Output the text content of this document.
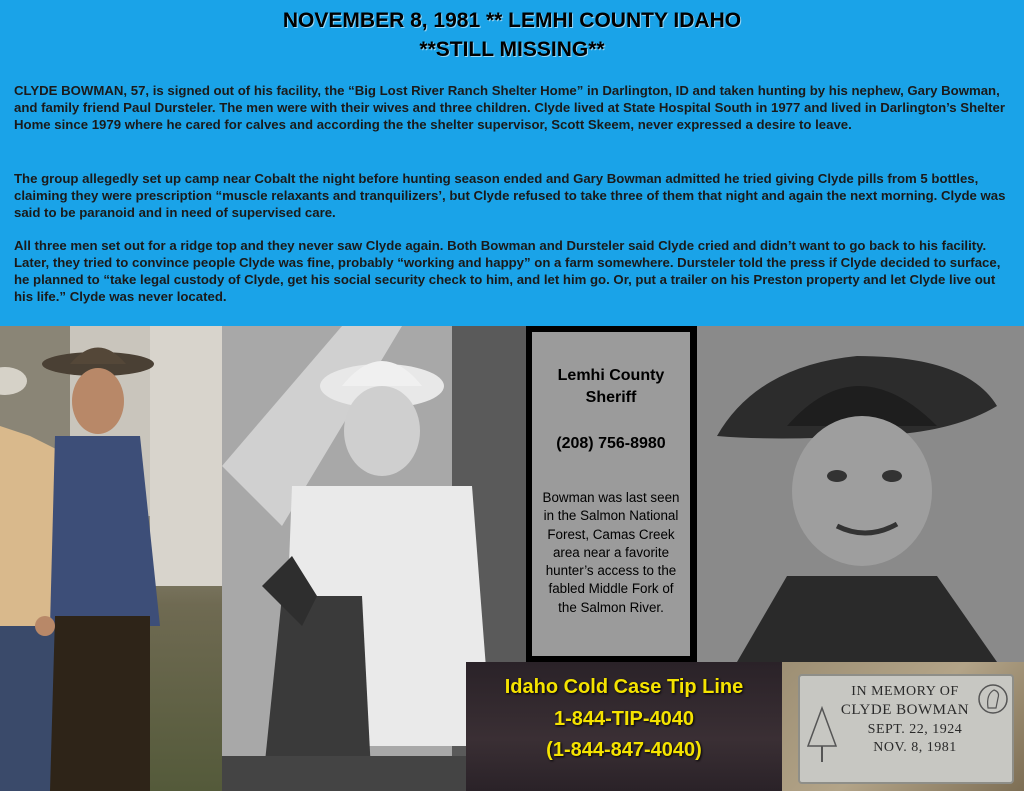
NOVEMBER 8, 1981 ** LEMHI COUNTY IDAHO
**STILL MISSING**

CLYDE BOWMAN, 57, is signed out of his facility, the “Big Lost River Ranch Shelter Home” in Darlington, ID and taken hunting by his nephew, Gary Bowman, and family friend Paul Dursteler. The men were with their wives and three children. Clyde lived at State Hospital South in 1977 and lived in Darlington’s Shelter Home since 1979 where he cared for calves and according the the shelter supervisor, Scott Skeem, never expressed a desire to leave.

The group allegedly set up camp near Cobalt the night before hunting season ended and Gary Bowman admitted he tried giving Clyde pills from 5 bottles, claiming they were prescription “muscle relaxants and tranquilizers’, but Clyde refused to take three of them that night and again the next morning. Clyde was said to be paranoid and in need of supervised care.

All three men set out for a ridge top and they never saw Clyde again. Both Bowman and Dursteler said Clyde cried and didn’t want to go back to his facility. Later, they tried to convince people Clyde was fine, probably “working and happy” on a farm somewhere. Dursteler told the press if Clyde decided to surface, he planned to “take legal custody of Clyde, get his social security check to him, and let him go. Or, put a trailer on his Preston property and let Clyde live out his life.” Clyde was never located.

Lemhi County
Sheriff
(208) 756-8980
Bowman was last seen in the Salmon National Forest, Camas Creek area near a favorite hunter’s access to the fabled Middle Fork of the Salmon River.
Idaho Cold Case Tip Line
1-844-TIP-4040
(1-844-847-4040)
IN MEMORY OF
CLYDE BOWMAN
SEPT. 22, 1924
NOV. 8, 1981
